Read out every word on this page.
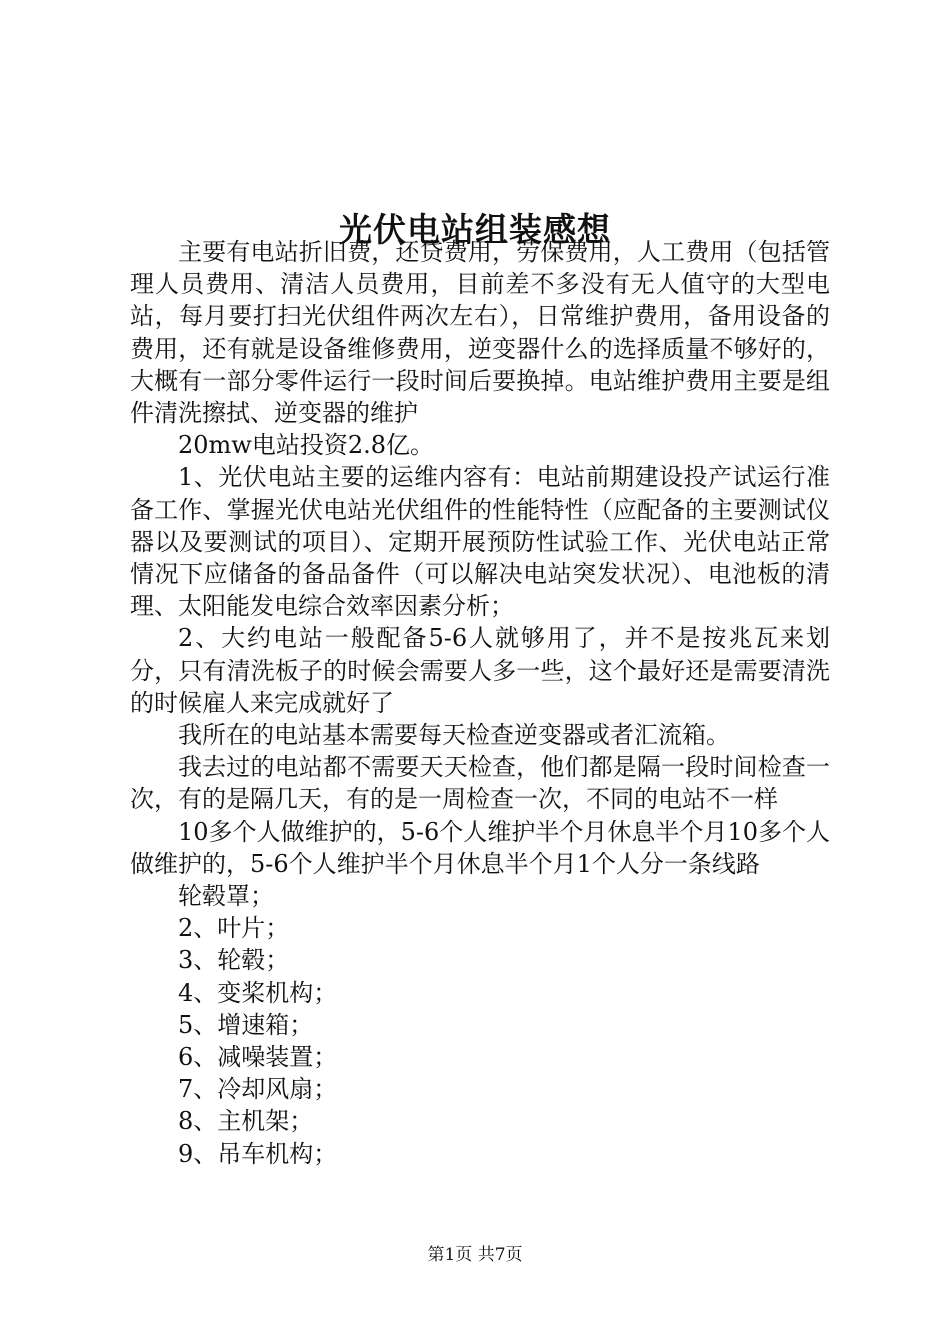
光伏电站组装感想

主要有电站折旧费，还贷费用，劳保费用，人工费用（包括管理人员费用、清洁人员费用，目前差不多没有无人值守的大型电站，每月要打扫光伏组件两次左右），日常维护费用，备用设备的费用，还有就是设备维修费用，逆变器什么的选择质量不够好的，大概有一部分零件运行一段时间后要换掉。电站维护费用主要是组件清洗擦拭、逆变器的维护

20mw电站投资2.8亿。

1、光伏电站主要的运维内容有：电站前期建设投产试运行准备工作、掌握光伏电站光伏组件的性能特性（应配备的主要测试仪器以及要测试的项目）、定期开展预防性试验工作、光伏电站正常情况下应储备的备品备件（可以解决电站突发状况）、电池板的清理、太阳能发电综合效率因素分析；

2、大约电站一般配备5-6人就够用了，并不是按兆瓦来划分，只有清洗板子的时候会需要人多一些，这个最好还是需要清洗的时候雇人来完成就好了

我所在的电站基本需要每天检查逆变器或者汇流箱。

我去过的电站都不需要天天检查，他们都是隔一段时间检查一次，有的是隔几天，有的是一周检查一次，不同的电站不一样

10多个人做维护的，5-6个人维护半个月休息半个月10多个人做维护的，5-6个人维护半个月休息半个月1个人分一条线路

轮毂罩；

2、叶片；

3、轮毂；

4、变桨机构；

5、增速箱；

6、减噪装置；

7、冷却风扇；

8、主机架；

9、吊车机构；

第1页 共7页
